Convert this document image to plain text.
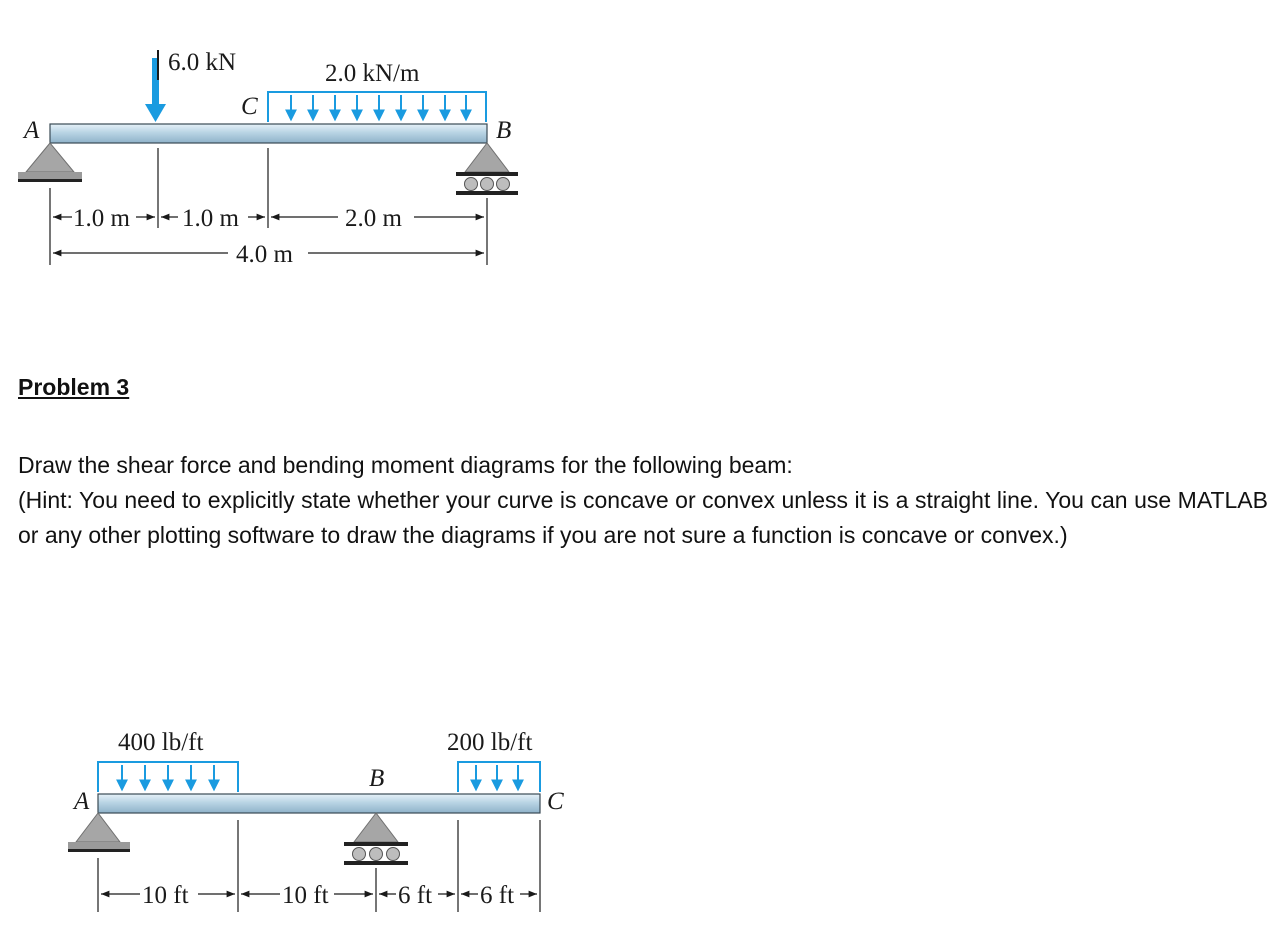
6.0 kN	2.0 kN/m
A	B
C
1.0 m 1.0 m	2.0 m
4.0 m
Problem 3
Draw the shear force and bending moment diagrams for the following beam:
(Hint: You need to explicitly state whether your curve is concave or convex unless it is a straight line. You can use MATLAB or any other plotting software to draw the diagrams if you are not sure a function is concave or convex.)
400 lb/ft	200 lb/ft
A
B
C
10 ft	10 ft	6 ft 6 ft
